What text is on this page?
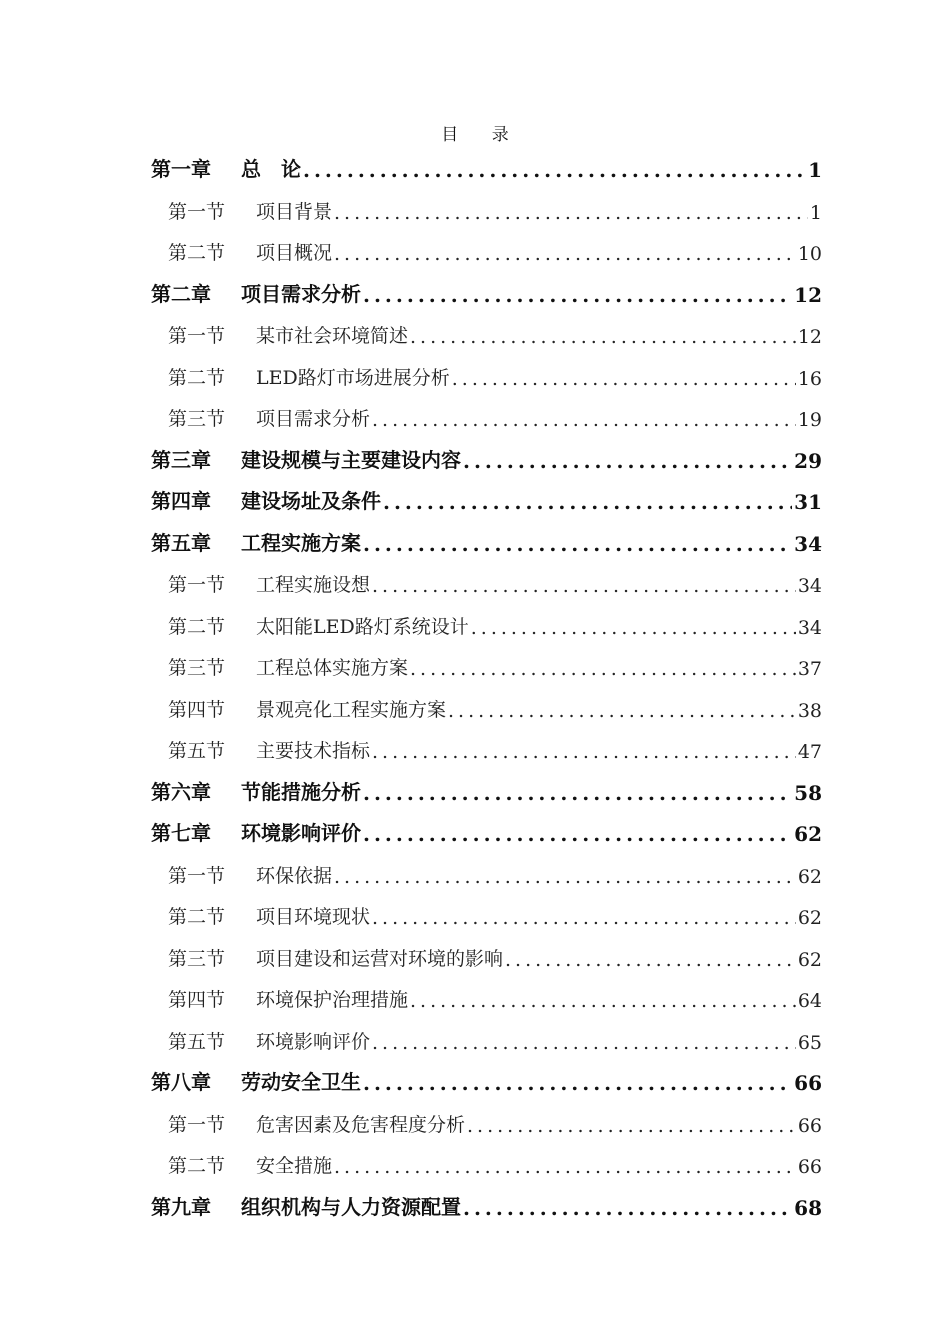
目 录
第一章 总　论 .....	1
第一节 项目背景 .....	1
第二节 项目概况 .....	10
第二章 项目需求分析 .....	12
第一节 某市社会环境简述 .....	12
第二节 LED路灯市场进展分析 .....	16
第三节 项目需求分析 .....	19
第三章 建设规模与主要建设内容 .....	29
第四章 建设场址及条件 .....	31
第五章 工程实施方案 .....	34
第一节 工程实施设想 .....	34
第二节 太阳能LED路灯系统设计 .....	34
第三节 工程总体实施方案 .....	37
第四节 景观亮化工程实施方案 .....	38
第五节 主要技术指标 .....	47
第六章 节能措施分析 .....	58
第七章 环境影响评价 .....	62
第一节 环保依据 .....	62
第二节 项目环境现状 .....	62
第三节 项目建设和运营对环境的影响 .....	62
第四节 环境保护治理措施 .....	64
第五节 环境影响评价 .....	65
第八章 劳动安全卫生 .....	66
第一节 危害因素及危害程度分析 .....	66
第二节 安全措施 .....	66
第九章 组织机构与人力资源配置 .....	68
